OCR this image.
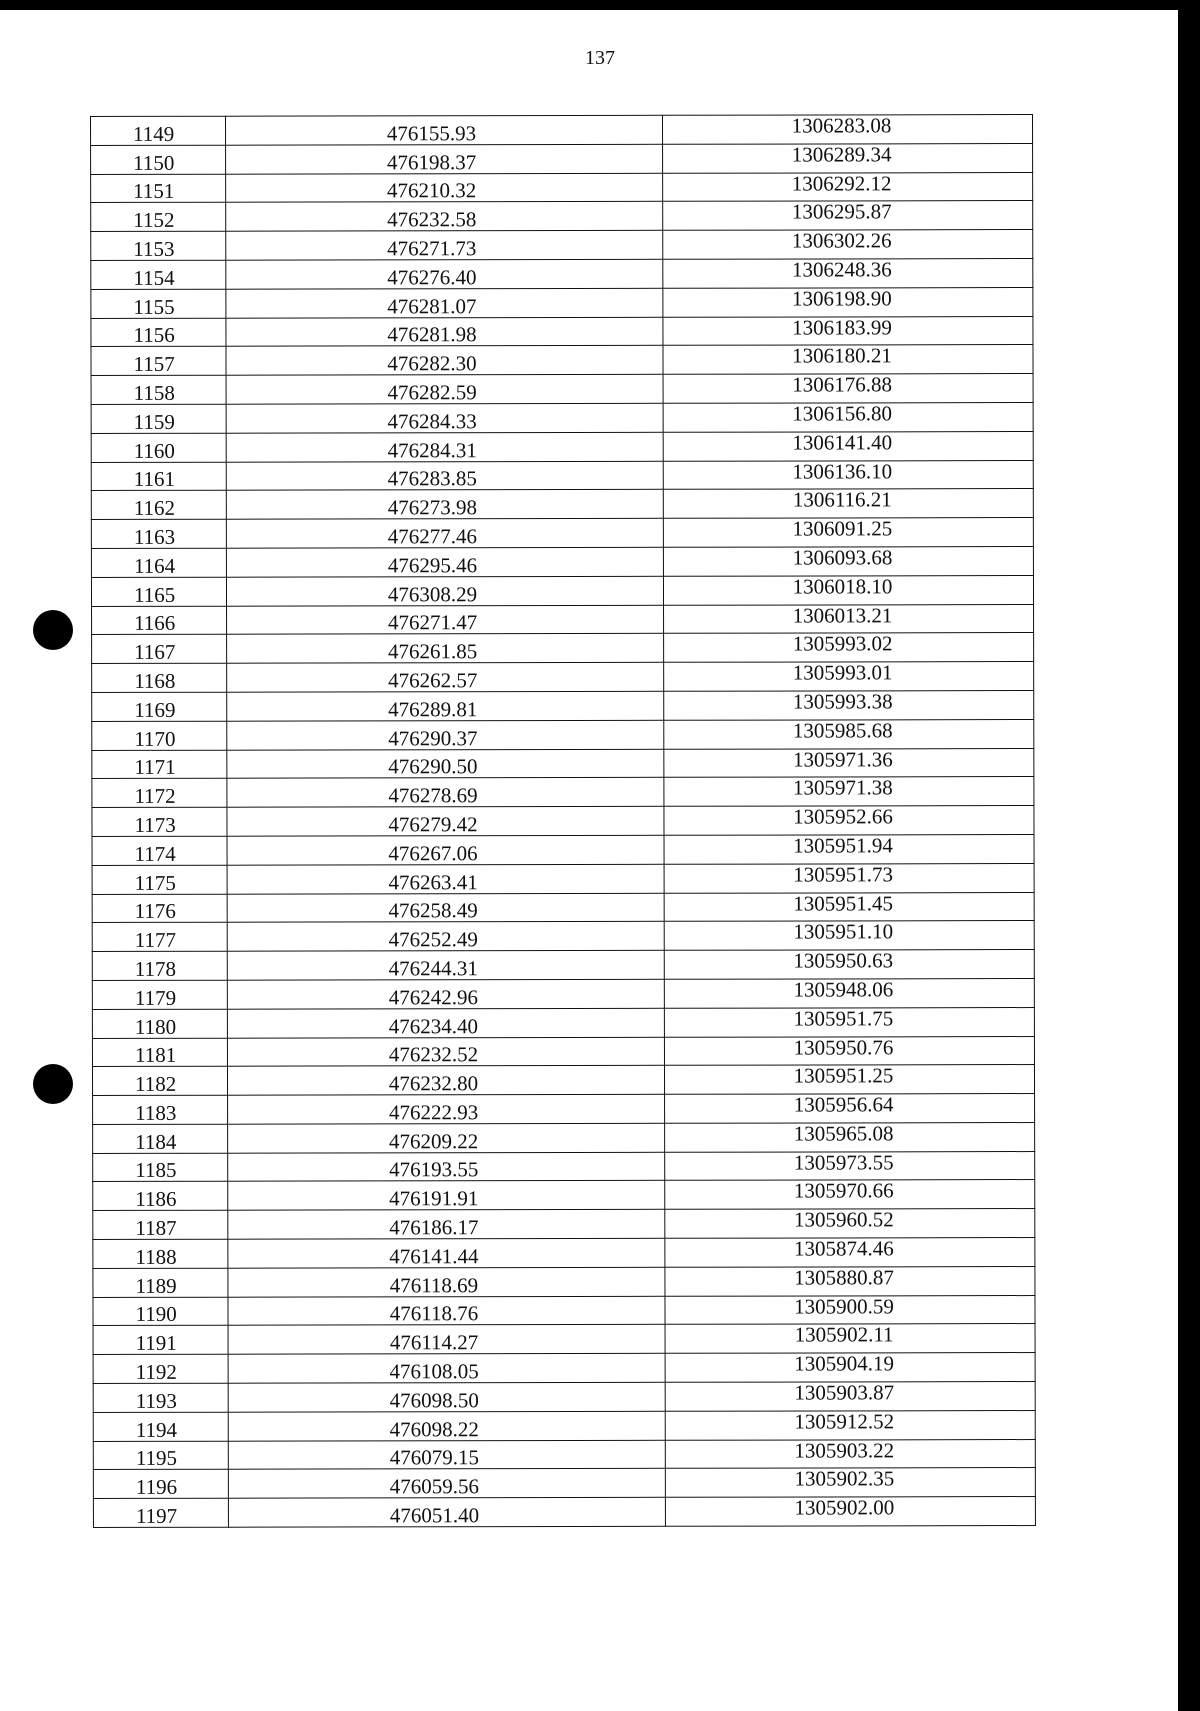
137
1149	476155.93	1306283.08
1150	476198.37	1306289.34
1151	476210.32	1306292.12
1152	476232.58	1306295.87
1153	476271.73	1306302.26
1154	476276.40	1306248.36
1155	476281.07	1306198.90
1156	476281.98	1306183.99
1157	476282.30	1306180.21
1158	476282.59	1306176.88
1159	476284.33	1306156.80
1160	476284.31	1306141.40
1161	476283.85	1306136.10
1162	476273.98	1306116.21
1163	476277.46	1306091.25
1164	476295.46	1306093.68
1165	476308.29	1306018.10
1166	476271.47	1306013.21
1167	476261.85	1305993.02
1168	476262.57	1305993.01
1169	476289.81	1305993.38
1170	476290.37	1305985.68
1171	476290.50	1305971.36
1172	476278.69	1305971.38
1173	476279.42	1305952.66
1174	476267.06	1305951.94
1175	476263.41	1305951.73
1176	476258.49	1305951.45
1177	476252.49	1305951.10
1178	476244.31	1305950.63
1179	476242.96	1305948.06
1180	476234.40	1305951.75
1181	476232.52	1305950.76
1182	476232.80	1305951.25
1183	476222.93	1305956.64
1184	476209.22	1305965.08
1185	476193.55	1305973.55
1186	476191.91	1305970.66
1187	476186.17	1305960.52
1188	476141.44	1305874.46
1189	476118.69	1305880.87
1190	476118.76	1305900.59
1191	476114.27	1305902.11
1192	476108.05	1305904.19
1193	476098.50	1305903.87
1194	476098.22	1305912.52
1195	476079.15	1305903.22
1196	476059.56	1305902.35
1197	476051.40	1305902.00
